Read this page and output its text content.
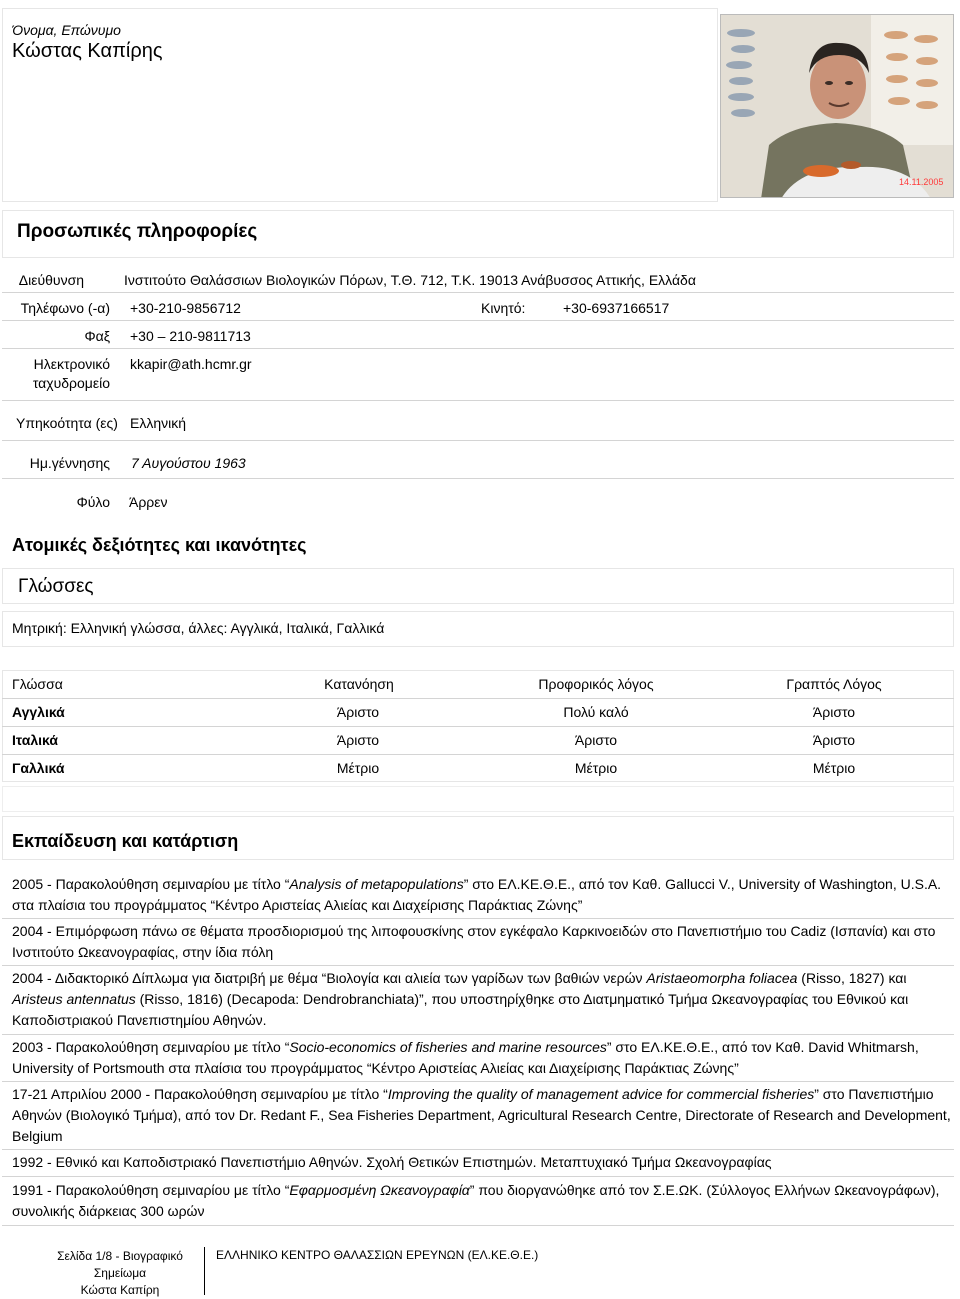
Όνομα, Επώνυμο
Κώστας Καπίρης
14.11.2005
Προσωπικές πληροφορίες
Διεύθυνση	Ινστιτούτο Θαλάσσιων Βιολογικών Πόρων, Τ.Θ. 712, Τ.Κ. 19013 Ανάβυσσος Αττικής, Ελλάδα
Τηλέφωνο (-α) +30-210-9856712	Κινητό:	+30-6937166517
Φαξ +30 – 210-9811713
Ηλεκτρονικό
ταχυδρομείο
kkapir@ath.hcmr.gr
Υπηκοότητα (ες) Ελληνική
Ημ.γέννησης 7 Αυγούστου 1963
Φύλο Άρρεν
Ατομικές δεξιότητες και ικανότητες
Γλώσσες
Μητρική: Ελληνική γλώσσα, άλλες: Αγγλικά, Ιταλικά, Γαλλικά
Γλώσσα	Κατανόηση	Προφορικός λόγος	Γραπτός Λόγος
Αγγλικά	Άριστο	Πολύ καλό	Άριστο
Ιταλικά	Άριστο	Άριστο	Άριστο
Γαλλικά	Μέτριο	Μέτριο	Μέτριο
Εκπαίδευση και κατάρτιση
2005 - Παρακολούθηση σεμιναρίου με τίτλο “Analysis of metapopulations” στο ΕΛ.ΚΕ.Θ.Ε., από τον Καθ. Gallucci V., University of Washington, U.S.A. στα πλαίσια του προγράμματος “Κέντρο Αριστείας Αλιείας και Διαχείρισης Παράκτιας Ζώνης”
2004 - Επιμόρφωση πάνω σε θέματα προσδιορισμού της λιποφουσκίνης στον εγκέφαλο Καρκινοειδών στο Πανεπιστήμιο του Cadiz (Ισπανία) και στο Ινστιτούτο Ωκεανογραφίας, στην ίδια πόλη
2004 - Διδακτορικό Δίπλωμα για διατριβή με θέμα “Βιολογία και αλιεία των γαρίδων των βαθιών νερών Aristaeomorpha foliacea (Risso, 1827) και Aristeus antennatus (Risso, 1816) (Decapoda: Dendrobranchiata)”, που υποστηρίχθηκε στο Διατμηματικό Τμήμα Ωκεανογραφίας του Εθνικού και Καποδιστριακού Πανεπιστημίου Αθηνών.
2003 - Παρακολούθηση σεμιναρίου με τίτλο “Socio-economics of fisheries and marine resources” στο ΕΛ.ΚΕ.Θ.Ε., από τον Καθ. David Whitmarsh, University of Portsmouth στα πλαίσια του προγράμματος “Κέντρο Αριστείας Αλιείας και Διαχείρισης Παράκτιας Ζώνης”
17-21 Απριλίου 2000 - Παρακολούθηση σεμιναρίου με τίτλο “Improving the quality of management advice for commercial fisheries” στο Πανεπιστήμιο Αθηνών (Βιολογικό Τμήμα), από τον Dr. Redant F., Sea Fisheries Department, Agricultural Research Centre, Directorate of Research and Development, Belgium
1992 - Εθνικό και Καποδιστριακό Πανεπιστήμιο Αθηνών. Σχολή Θετικών Επιστημών. Μεταπτυχιακό Τμήμα Ωκεανογραφίας
1991 - Παρακολούθηση σεμιναρίου με τίτλο “Εφαρμοσμένη Ωκεανογραφία” που διοργανώθηκε από τον Σ.Ε.ΩΚ. (Σύλλογος Ελλήνων Ωκεανογράφων), συνολικής διάρκειας 300 ωρών
Σελίδα 1/8 - Βιογραφικό
Σημείωμα
Κώστα Καπίρη
ΕΛΛΗΝΙΚΟ ΚΕΝΤΡΟ ΘΑΛΑΣΣΙΩΝ ΕΡΕΥΝΩΝ (ΕΛ.ΚΕ.Θ.Ε.)
